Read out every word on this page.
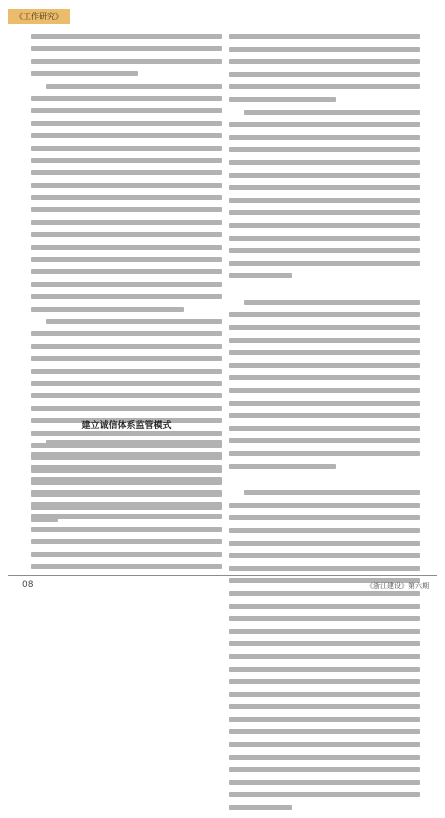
《工作研究》
建立诚信体系监管模式
08	《浙江建设》第六期
